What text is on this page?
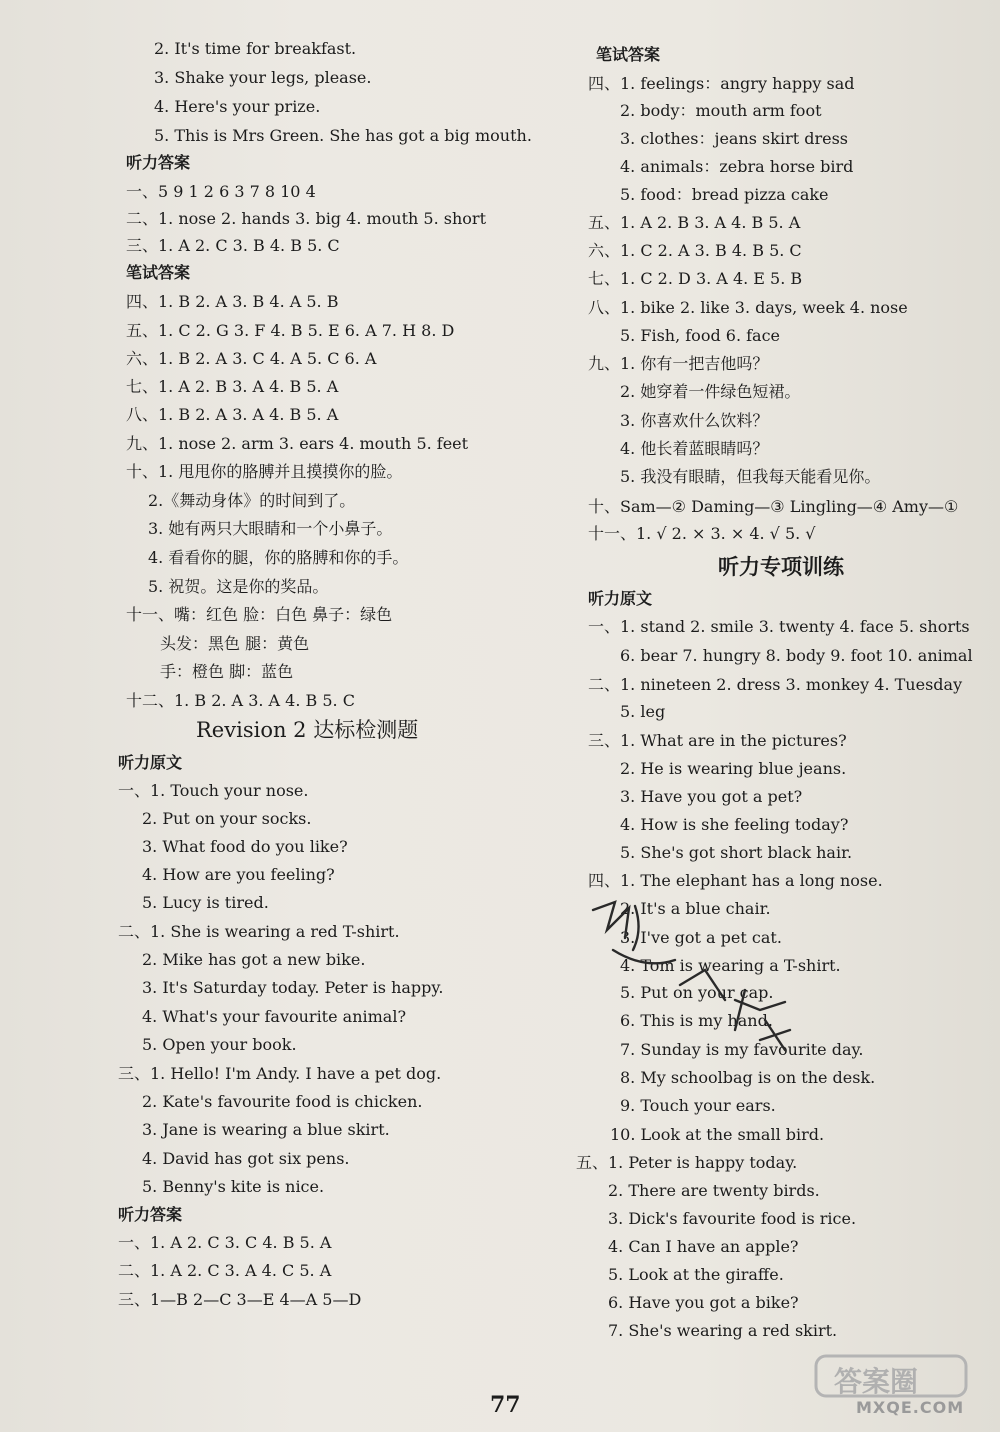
2. It's time for breakfast.
3. Shake your legs, please.
4. Here's your prize.
5. This is Mrs Green. She has got a big mouth.
听力答案
一、5 9 1 2 6 3 7 8 10 4
二、1. nose 2. hands 3. big 4. mouth 5. short
三、1. A 2. C 3. B 4. B 5. C
笔试答案
四、1. B 2. A 3. B 4. A 5. B
五、1. C 2. G 3. F 4. B 5. E 6. A 7. H 8. D
六、1. B 2. A 3. C 4. A 5. C 6. A
七、1. A 2. B 3. A 4. B 5. A
八、1. B 2. A 3. A 4. B 5. A
九、1. nose 2. arm 3. ears 4. mouth 5. feet
十、1. 甩甩你的胳膊并且摸摸你的脸。
2.《舞动身体》的时间到了。
3. 她有两只大眼睛和一个小鼻子。
4. 看看你的腿，你的胳膊和你的手。
5. 祝贺。这是你的奖品。
十一、嘴：红色 脸：白色 鼻子：绿色
头发：黑色 腿：黄色
手：橙色 脚：蓝色
十二、1. B 2. A 3. A 4. B 5. C
Revision 2 达标检测题
听力原文
一、1. Touch your nose.
2. Put on your socks.
3. What food do you like?
4. How are you feeling?
5. Lucy is tired.
二、1. She is wearing a red T-shirt.
2. Mike has got a new bike.
3. It's Saturday today. Peter is happy.
4. What's your favourite animal?
5. Open your book.
三、1. Hello! I'm Andy. I have a pet dog.
2. Kate's favourite food is chicken.
3. Jane is wearing a blue skirt.
4. David has got six pens.
5. Benny's kite is nice.
听力答案
一、1. A 2. C 3. C 4. B 5. A
二、1. A 2. C 3. A 4. C 5. A
三、1—B 2—C 3—E 4—A 5—D
笔试答案
四、1. feelings：angry happy sad
2. body：mouth arm foot
3. clothes：jeans skirt dress
4. animals：zebra horse bird
5. food：bread pizza cake
五、1. A 2. B 3. A 4. B 5. A
六、1. C 2. A 3. B 4. B 5. C
七、1. C 2. D 3. A 4. E 5. B
八、1. bike 2. like 3. days, week 4. nose
5. Fish, food 6. face
九、1. 你有一把吉他吗？
2. 她穿着一件绿色短裙。
3. 你喜欢什么饮料？
4. 他长着蓝眼睛吗？
5. 我没有眼睛，但我每天能看见你。
十、Sam—② Daming—③ Lingling—④ Amy—①
十一、1. √ 2. × 3. × 4. √ 5. √
听力专项训练
听力原文
一、1. stand 2. smile 3. twenty 4. face 5. shorts
6. bear 7. hungry 8. body 9. foot 10. animal
二、1. nineteen 2. dress 3. monkey 4. Tuesday
5. leg
三、1. What are in the pictures?
2. He is wearing blue jeans.
3. Have you got a pet?
4. How is she feeling today?
5. She's got short black hair.
四、1. The elephant has a long nose.
2. It's a blue chair.
3. I've got a pet cat.
4. Tom is wearing a T-shirt.
5. Put on your cap.
6. This is my hand.
7. Sunday is my favourite day.
8. My schoolbag is on the desk.
9. Touch your ears.
10. Look at the small bird.
五、1. Peter is happy today.
2. There are twenty birds.
3. Dick's favourite food is rice.
4. Can I have an apple?
5. Look at the giraffe.
6. Have you got a bike?
7. She's wearing a red skirt.
77
答案圈
MXQE.COM
